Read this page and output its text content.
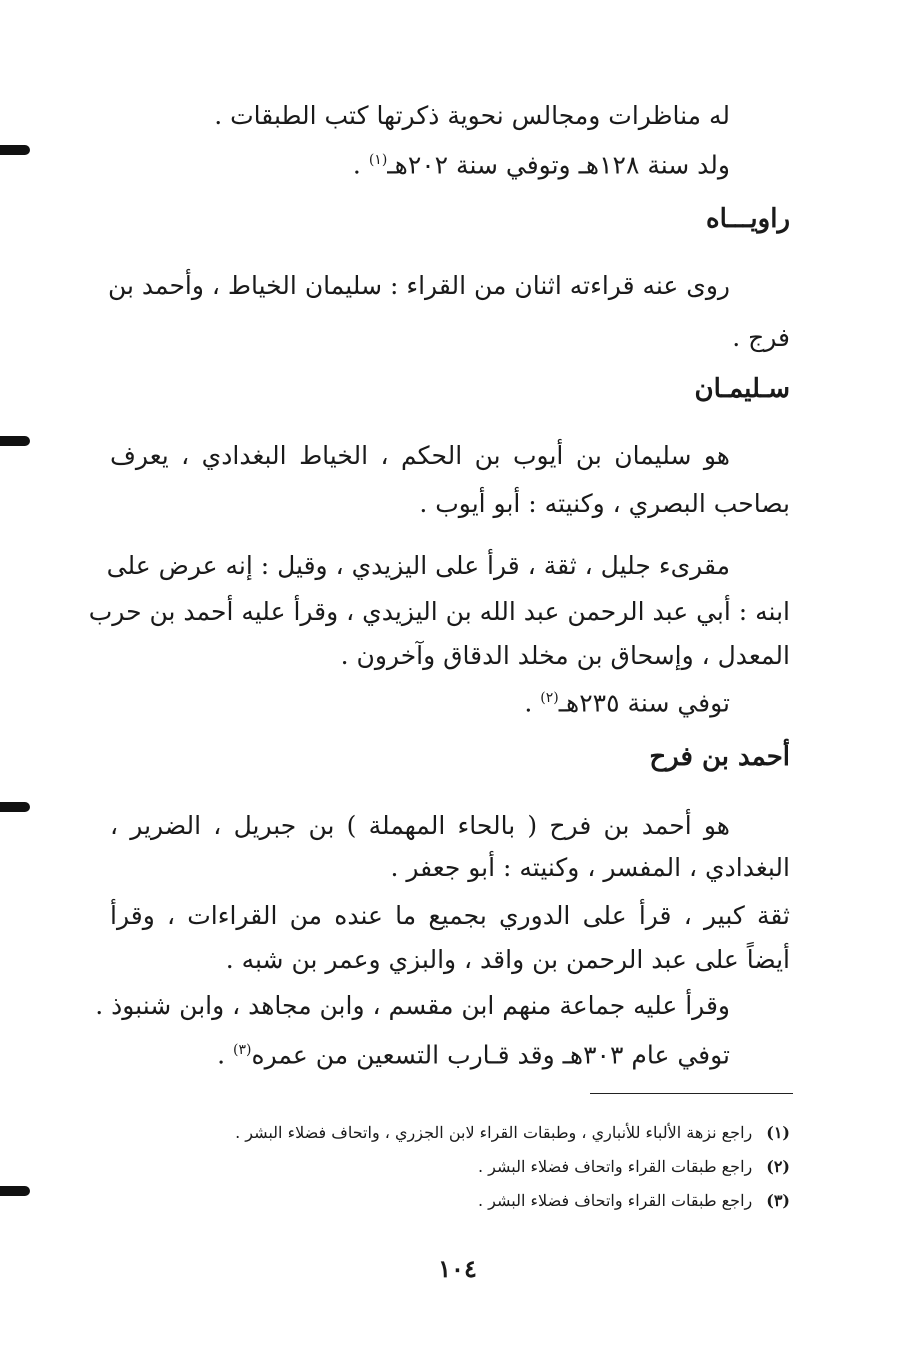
له مناظرات ومجالس نحوية ذكرتها كتب الطبقات .
ولد سنة ١٢٨هـ وتوفي سنة ٢٠٢هـ$^{(١)}$ .
راويـــاه
روى عنه قراءته اثنان من القراء : سليمان الخياط ، وأحمد بن
فرج .
سـليمـان
هو سليمان بن أيوب بن الحكم ، الخياط البغدادي ، يعرف
بصاحب البصري ، وكنيته : أبو أيوب .
مقرىء جليل ، ثقة ، قرأ على اليزيدي ، وقيل : إنه عرض على
ابنه : أبي عبد الرحمن عبد الله بن اليزيدي ، وقرأ عليه أحمد بن حرب
المعدل ، وإسحاق بن مخلد الدقاق وآخرون .
توفي سنة ٢٣٥هـ$^{(٢)}$ .
أحمد بن فرح
هو أحمد بن فرح ( بالحاء المهملة ) بن جبريل ، الضرير ،
البغدادي ، المفسر ، وكنيته : أبو جعفر .
ثقة كبير ، قرأ على الدوري بجميع ما عنده من القراءات ، وقرأ
أيضاً على عبد الرحمن بن واقد ، والبزي وعمر بن شبه .
وقرأ عليه جماعة منهم ابن مقسم ، وابن مجاهد ، وابن شنبوذ .
توفي عام ٣٠٣هـ وقد قـارب التسعين من عمره$^{(٣)}$ .
(١)راجع نزهة الألباء للأنباري ، وطبقات القراء لابن الجزري ، واتحاف فضلاء البشر .
(٢)راجع طبقات القراء واتحاف فضلاء البشر .
(٣)راجع طبقات القراء واتحاف فضلاء البشر .
١٠٤
